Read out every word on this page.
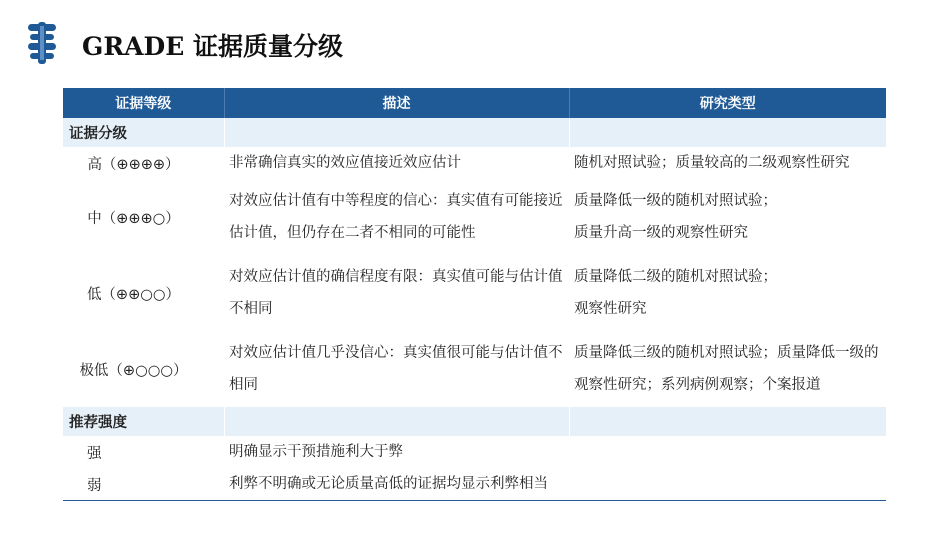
GRADE 证据质量分级
证据等级	描述	研究类型
证据分级		
高（⊕⊕⊕⊕）	非常确信真实的效应值接近效应估计	随机对照试验；质量较高的二级观察性研究
中（⊕⊕⊕○）	对效应估计值有中等程度的信心：真实值有可能接近估计值，但仍存在二者不相同的可能性	质量降低一级的随机对照试验；
质量升高一级的观察性研究
低（⊕⊕○○）	对效应估计值的确信程度有限：真实值可能与估计值不相同	质量降低二级的随机对照试验；
观察性研究
极低（⊕○○○）	对效应估计值几乎没信心：真实值很可能与估计值不相同	质量降低三级的随机对照试验；质量降低一级的观察性研究；系列病例观察；个案报道
推荐强度		
强	明确显示干预措施利大于弊	
弱	利弊不明确或无论质量高低的证据均显示利弊相当	
